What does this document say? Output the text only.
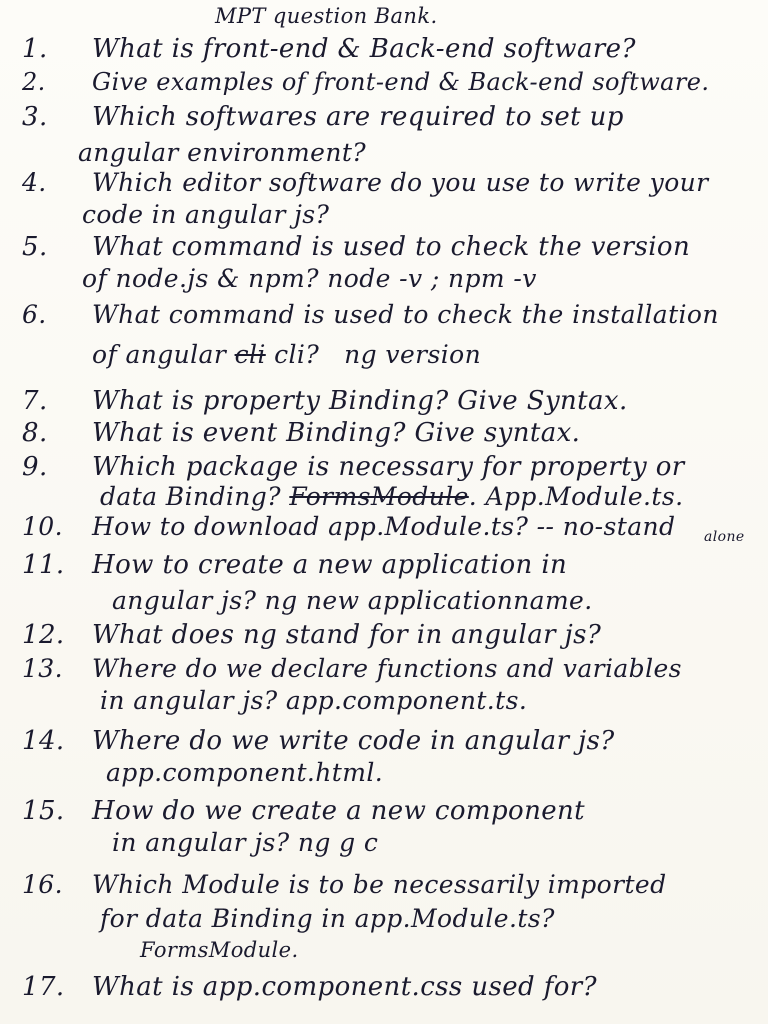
MPT question Bank.
1. What is front-end & Back-end software?
2. Give examples of front-end & Back-end software.
3. Which softwares are required to set up
angular environment?
4. Which editor software do you use to write your
code in angular js?
5. What command is used to check the version
of node.js & npm? node -v ; npm -v
6. What command is used to check the installation
of angular cli cli? ng version
7. What is property Binding? Give Syntax.
8. What is event Binding? Give syntax.
9. Which package is necessary for property or
data Binding? FormsModule. App.Module.ts.
10. How to download app.Module.ts? -- no-stand alone
11. How to create a new application in
angular js? ng new applicationname.
12. What does ng stand for in angular js?
13. Where do we declare functions and variables
in angular js? app.component.ts.
14. Where do we write code in angular js?
app.component.html.
15. How do we create a new component
in angular js? ng g c
16. Which Module is to be necessarily imported
for data Binding in app.Module.ts?
FormsModule.
17. What is app.component.css used for?
